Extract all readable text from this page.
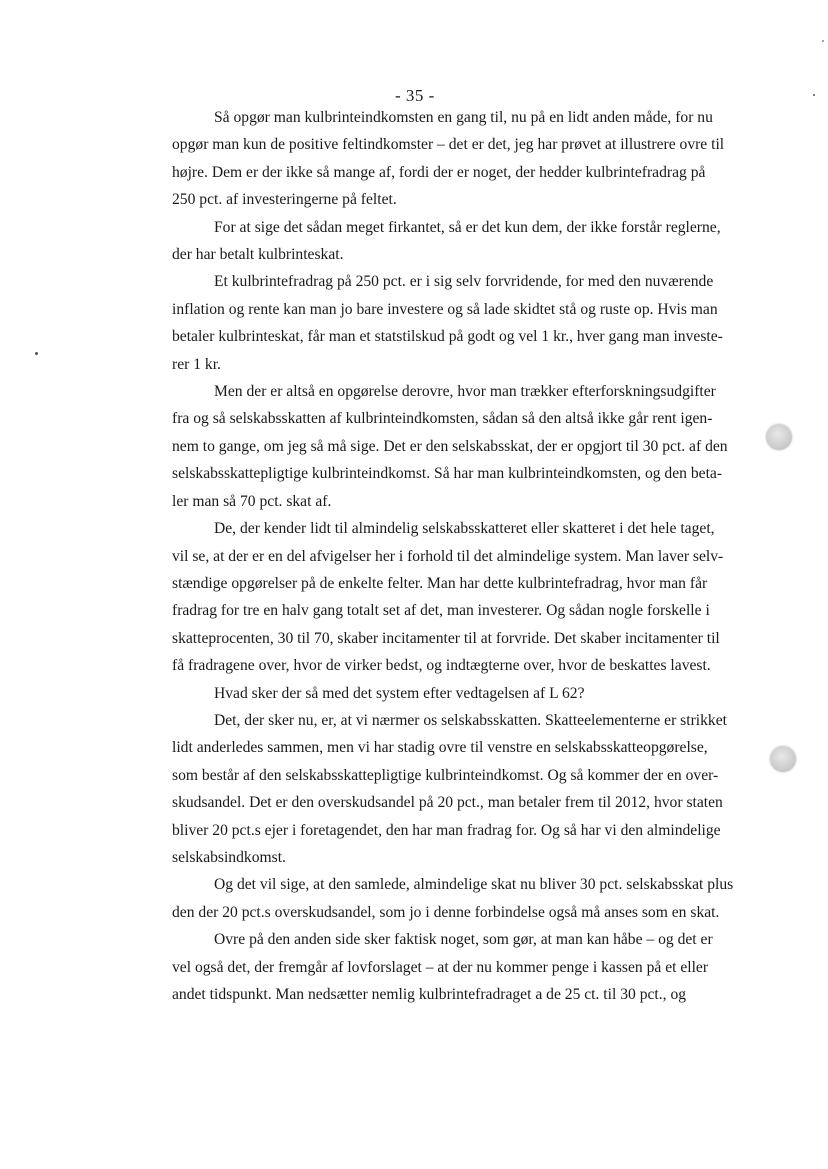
- 35 -

Så opgør man kulbrinteindkomsten en gang til, nu på en lidt anden måde, for nu
opgør man kun de positive feltindkomster – det er det, jeg har prøvet at illustrere ovre til
højre. Dem er der ikke så mange af, fordi der er noget, der hedder kulbrintefradrag på
250 pct. af investeringerne på feltet.

For at sige det sådan meget firkantet, så er det kun dem, der ikke forstår reglerne,
der har betalt kulbrinteskat.

Et kulbrintefradrag på 250 pct. er i sig selv forvridende, for med den nuværende
inflation og rente kan man jo bare investere og så lade skidtet stå og ruste op. Hvis man
betaler kulbrinteskat, får man et statstilskud på godt og vel 1 kr., hver gang man investe-
rer 1 kr.

Men der er altså en opgørelse derovre, hvor man trækker efterforskningsudgifter
fra og så selskabsskatten af kulbrinteindkomsten, sådan så den altså ikke går rent igen-
nem to gange, om jeg så må sige. Det er den selskabsskat, der er opgjort til 30 pct. af den
selskabsskattepligtige kulbrinteindkomst. Så har man kulbrinteindkomsten, og den beta-
ler man så 70 pct. skat af.

De, der kender lidt til almindelig selskabsskatteret eller skatteret i det hele taget,
vil se, at der er en del afvigelser her i forhold til det almindelige system. Man laver selv-
stændige opgørelser på de enkelte felter. Man har dette kulbrintefradrag, hvor man får
fradrag for tre en halv gang totalt set af det, man investerer. Og sådan nogle forskelle i
skatteprocenten, 30 til 70, skaber incitamenter til at forvride. Det skaber incitamenter til
få fradragene over, hvor de virker bedst, og indtægterne over, hvor de beskattes lavest.

Hvad sker der så med det system efter vedtagelsen af L 62?

Det, der sker nu, er, at vi nærmer os selskabsskatten. Skatteelementerne er strikket
lidt anderledes sammen, men vi har stadig ovre til venstre en selskabsskatteopgørelse,
som består af den selskabsskattepligtige kulbrinteindkomst. Og så kommer der en over-
skudsandel. Det er den overskudsandel på 20 pct., man betaler frem til 2012, hvor staten
bliver 20 pct.s ejer i foretagendet, den har man fradrag for. Og så har vi den almindelige
selskabsindkomst.

Og det vil sige, at den samlede, almindelige skat nu bliver 30 pct. selskabsskat plus
den der 20 pct.s overskudsandel, som jo i denne forbindelse også må anses som en skat.

Ovre på den anden side sker faktisk noget, som gør, at man kan håbe – og det er
vel også det, der fremgår af lovforslaget – at der nu kommer penge i kassen på et eller
andet tidspunkt. Man nedsætter nemlig kulbrintefradraget a de 25 ct. til 30 pct., og
